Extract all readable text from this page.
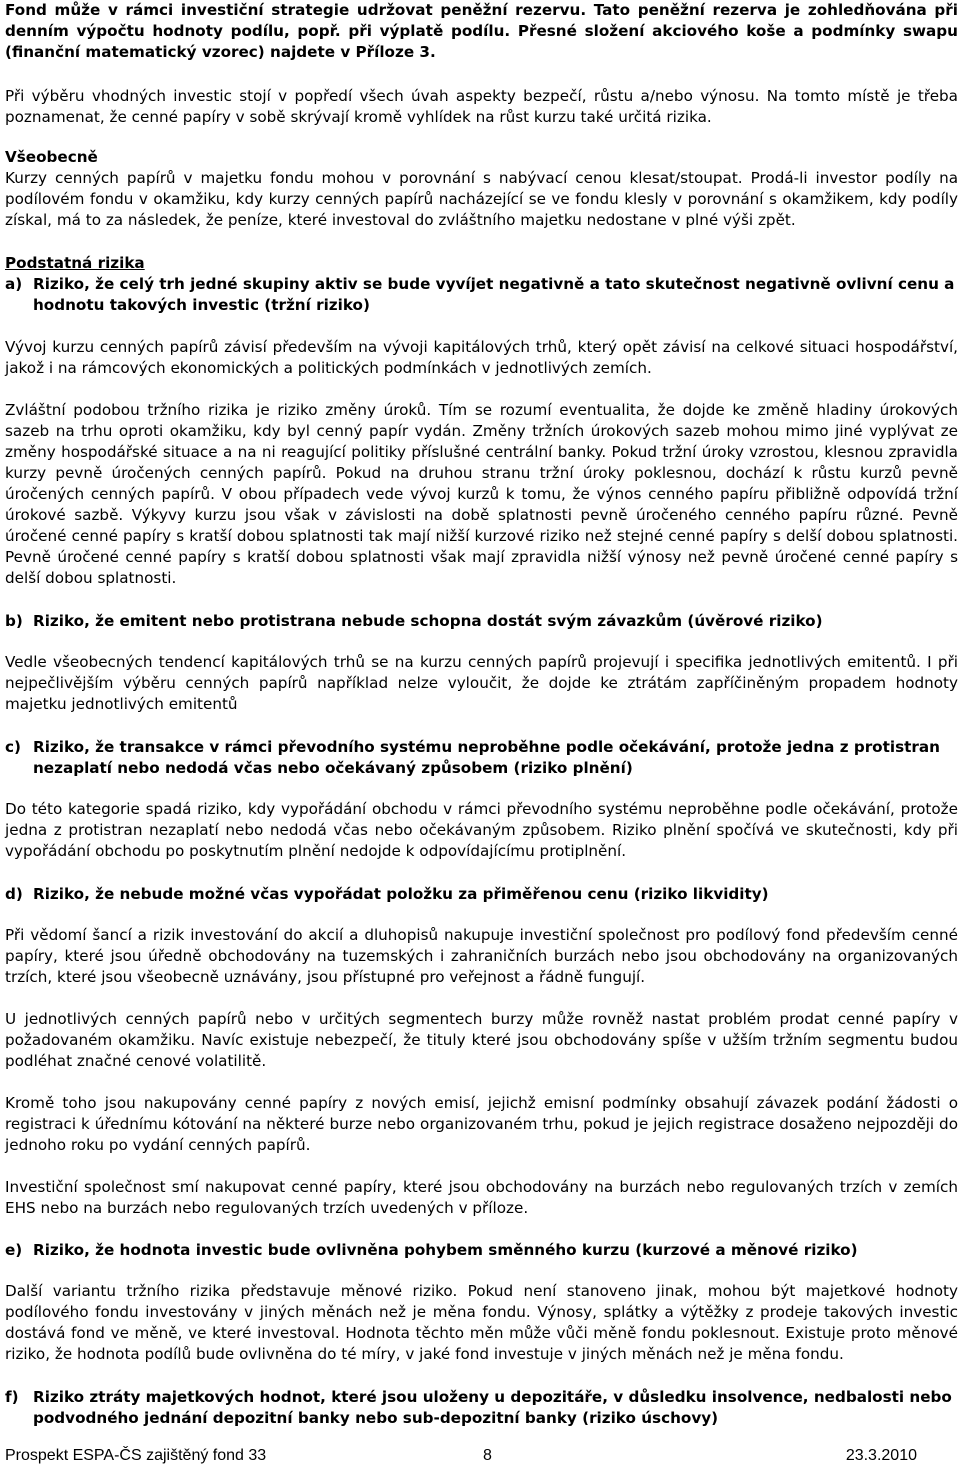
Fond může v rámci investiční strategie udržovat peněžní rezervu. Tato peněžní rezerva je zohledňována při denním výpočtu hodnoty podílu, popř. při výplatě podílu. Přesné složení akciového koše a podmínky swapu (finanční matematický vzorec) najdete v Příloze 3.

Při výběru vhodných investic stojí v popředí všech úvah aspekty bezpečí, růstu a/nebo výnosu. Na tomto místě je třeba poznamenat, že cenné papíry v sobě skrývají kromě vyhlídek na růst kurzu také určitá rizika.

Všeobecně

Kurzy cenných papírů v majetku fondu mohou v porovnání s nabývací cenou klesat/stoupat. Prodá-li investor podíly na podílovém fondu v okamžiku, kdy kurzy cenných papírů nacházející se ve fondu klesly v porovnání s okamžikem, kdy podíly získal, má to za následek, že peníze, které investoval do zvláštního majetku nedostane v plné výši zpět.

Podstatná rizika

a) Riziko, že celý trh jedné skupiny aktiv se bude vyvíjet negativně a tato skutečnost negativně ovlivní cenu a hodnotu takových investic (tržní riziko)

Vývoj kurzu cenných papírů závisí především na vývoji kapitálových trhů, který opět závisí na celkové situaci hospodářství, jakož i na rámcových ekonomických a politických podmínkách v jednotlivých zemích.

Zvláštní podobou tržního rizika je riziko změny úroků. Tím se rozumí eventualita, že dojde ke změně hladiny úrokových sazeb na trhu oproti okamžiku, kdy byl cenný papír vydán. Změny tržních úrokových sazeb mohou mimo jiné vyplývat ze změny hospodářské situace a na ni reagující politiky příslušné centrální banky. Pokud tržní úroky vzrostou, klesnou zpravidla kurzy pevně úročených cenných papírů. Pokud na druhou stranu tržní úroky poklesnou, dochází k růstu kurzů pevně úročených cenných papírů. V obou případech vede vývoj kurzů k tomu, že výnos cenného papíru přibližně odpovídá tržní úrokové sazbě. Výkyvy kurzu jsou však v závislosti na době splatnosti pevně úročeného cenného papíru různé. Pevně úročené cenné papíry s kratší dobou splatnosti tak mají nižší kurzové riziko než stejné cenné papíry s delší dobou splatnosti. Pevně úročené cenné papíry s kratší dobou splatnosti však mají zpravidla nižší výnosy než pevně úročené cenné papíry s delší dobou splatnosti.

b) Riziko, že emitent nebo protistrana nebude schopna dostát svým závazkům (úvěrové riziko)

Vedle všeobecných tendencí kapitálových trhů se na kurzu cenných papírů projevují i specifika jednotlivých emitentů. I při nejpečlivějším výběru cenných papírů například nelze vyloučit, že dojde ke ztrátám zapříčiněným propadem hodnoty majetku jednotlivých emitentů

c) Riziko, že transakce v rámci převodního systému neproběhne podle očekávání, protože jedna z protistran nezaplatí nebo nedodá včas nebo očekávaný způsobem (riziko plnění)

Do této kategorie spadá riziko, kdy vypořádání obchodu v rámci převodního systému neproběhne podle očekávání, protože jedna z protistran nezaplatí nebo nedodá včas nebo očekávaným způsobem. Riziko plnění spočívá ve skutečnosti, kdy při vypořádání obchodu po poskytnutím plnění nedojde k odpovídajícímu protiplnění.

d) Riziko, že nebude možné včas vypořádat položku za přiměřenou cenu (riziko likvidity)

Při vědomí šancí a rizik investování do akcií a dluhopisů nakupuje investiční společnost pro podílový fond především cenné papíry, které jsou úředně obchodovány na tuzemských i zahraničních burzách nebo jsou obchodovány na organizovaných trzích, které jsou všeobecně uznávány, jsou přístupné pro veřejnost a řádně fungují.

U jednotlivých cenných papírů nebo v určitých segmentech burzy může rovněž nastat problém prodat cenné papíry v požadovaném okamžiku. Navíc existuje nebezpečí, že tituly které jsou obchodovány spíše v užším tržním segmentu budou podléhat značné cenové volatilitě.

Kromě toho jsou nakupovány cenné papíry z nových emisí, jejichž emisní podmínky obsahují závazek podání žádosti o registraci k úřednímu kótování na některé burze nebo organizovaném trhu, pokud je jejich registrace dosaženo nejpozději do jednoho roku po vydání cenných papírů.

Investiční společnost smí nakupovat cenné papíry, které jsou obchodovány na burzách nebo regulovaných trzích v zemích EHS nebo na burzách nebo regulovaných trzích uvedených v příloze.

e) Riziko, že hodnota investic bude ovlivněna pohybem směnného kurzu (kurzové a měnové riziko)

Další variantu tržního rizika představuje měnové riziko. Pokud není stanoveno jinak, mohou být majetkové hodnoty podílového fondu investovány v jiných měnách než je měna fondu. Výnosy, splátky a výtěžky z prodeje takových investic dostává fond ve měně, ve které investoval. Hodnota těchto měn může vůči měně fondu poklesnout. Existuje proto měnové riziko, že hodnota podílů bude ovlivněna do té míry, v jaké fond investuje v jiných měnách než je měna fondu.

f) Riziko ztráty majetkových hodnot, které jsou uloženy u depozitáře, v důsledku insolvence, nedbalosti nebo podvodného jednání depozitní banky nebo sub-depozitní banky (riziko úschovy)
Prospekt ESPA-ČS zajištěný fond 33	8	23.3.2010
